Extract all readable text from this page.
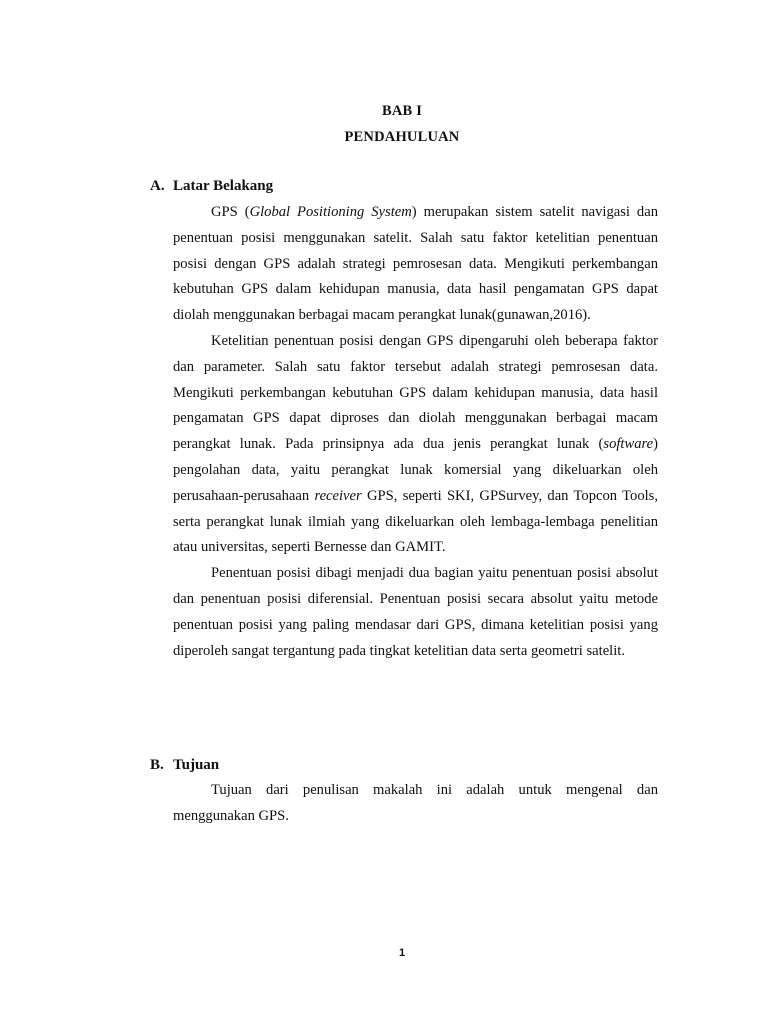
BAB I
PENDAHULUAN
A. Latar Belakang

GPS (Global Positioning System) merupakan sistem satelit navigasi dan penentuan posisi menggunakan satelit. Salah satu faktor ketelitian penentuan posisi dengan GPS adalah strategi pemrosesan data. Mengikuti perkembangan kebutuhan GPS dalam kehidupan manusia, data hasil pengamatan GPS dapat diolah menggunakan berbagai macam perangkat lunak(gunawan,2016).

Ketelitian penentuan posisi dengan GPS dipengaruhi oleh beberapa faktor dan parameter. Salah satu faktor tersebut adalah strategi pemrosesan data. Mengikuti perkembangan kebutuhan GPS dalam kehidupan manusia, data hasil pengamatan GPS dapat diproses dan diolah menggunakan berbagai macam perangkat lunak. Pada prinsipnya ada dua jenis perangkat lunak (software) pengolahan data, yaitu perangkat lunak komersial yang dikeluarkan oleh perusahaan-perusahaan receiver GPS, seperti SKI, GPSurvey, dan Topcon Tools, serta perangkat lunak ilmiah yang dikeluarkan oleh lembaga-lembaga penelitian atau universitas, seperti Bernesse dan GAMIT.

Penentuan posisi dibagi menjadi dua bagian yaitu penentuan posisi absolut dan penentuan posisi diferensial. Penentuan posisi secara absolut yaitu metode penentuan posisi yang paling mendasar dari GPS, dimana ketelitian posisi yang diperoleh sangat tergantung pada tingkat ketelitian data serta geometri satelit.

B. Tujuan

Tujuan dari penulisan makalah ini adalah untuk mengenal dan menggunakan GPS.

1
